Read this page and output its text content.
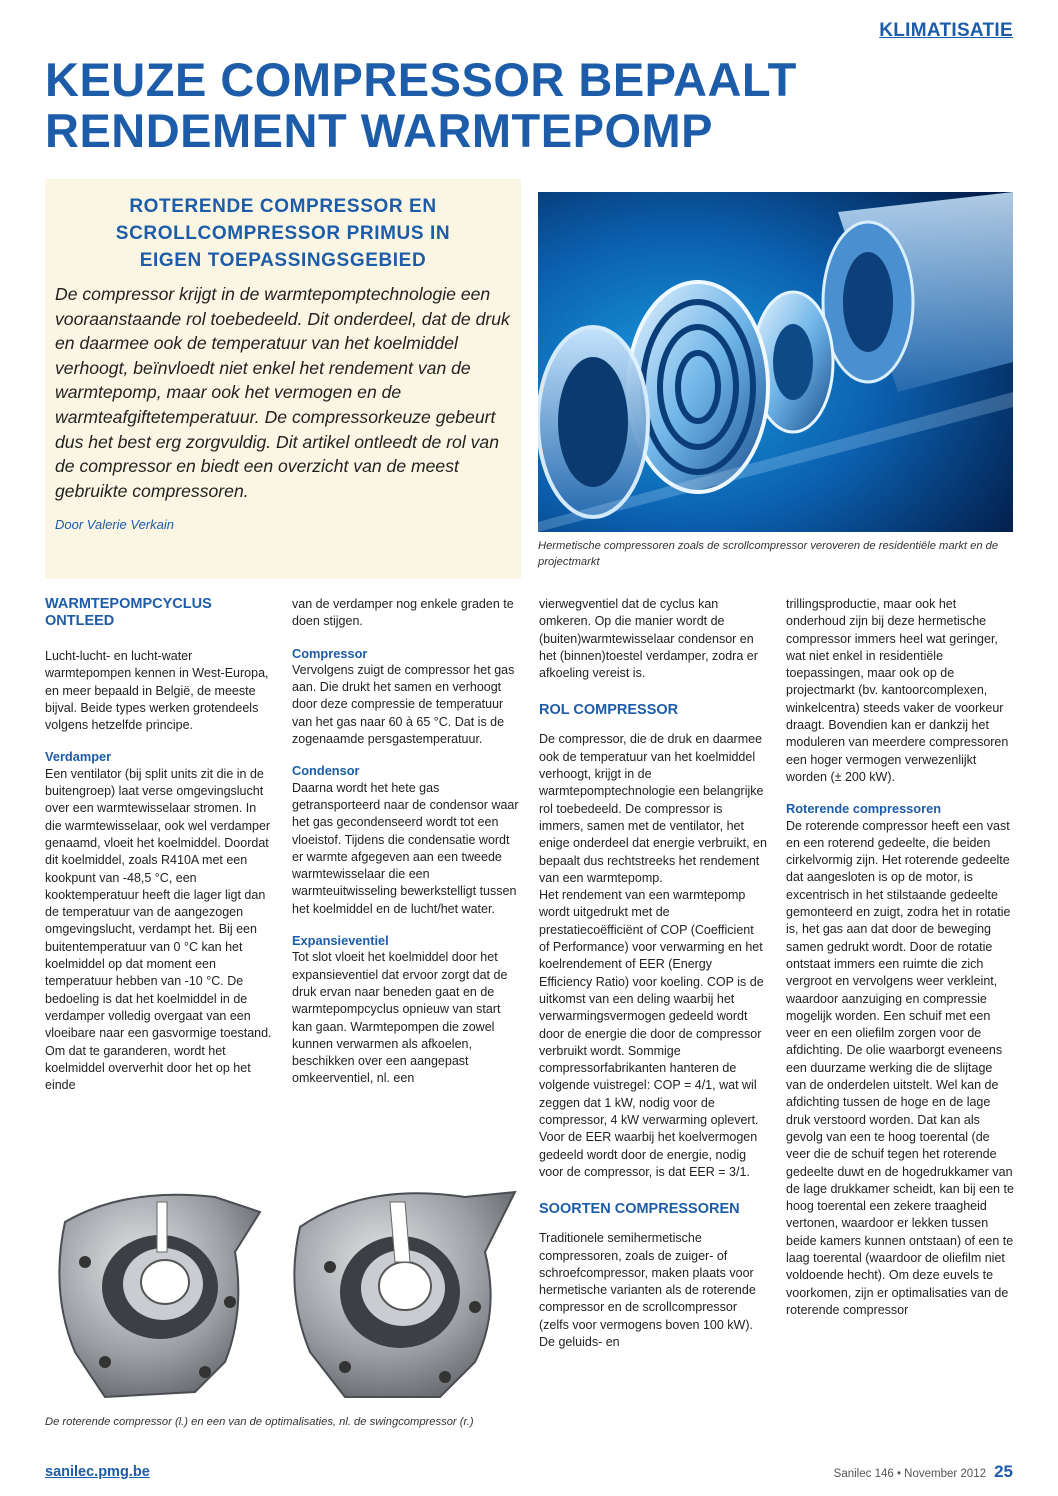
KLIMATISATIE
KEUZE COMPRESSOR BEPAALT RENDEMENT WARMTEPOMP
ROTERENDE COMPRESSOR EN SCROLLCOMPRESSOR PRIMUS IN EIGEN TOEPASSINGSGEBIED

De compressor krijgt in de warmtepomptechnologie een vooraanstaande rol toebedeeld. Dit onderdeel, dat de druk en daarmee ook de temperatuur van het koelmiddel verhoogt, beïnvloedt niet enkel het rendement van de warmtepomp, maar ook het vermogen en de warmteafgiftetemperatuur. De compressorkeuze gebeurt dus het best erg zorgvuldig. Dit artikel ontleedt de rol van de compressor en biedt een overzicht van de meest gebruikte compressoren.

Door Valerie Verkain
Hermetische compressoren zoals de scrollcompressor veroveren de residentiële markt en de projectmarkt

WARMTEPOMPCYCLUS ONTLEED

Lucht-lucht- en lucht-water warmtepompen kennen in West-Europa, en meer bepaald in België, de meeste bijval. Beide types werken grotendeels volgens hetzelfde principe.

Verdamper

Een ventilator (bij split units zit die in de buitengroep) laat verse omgevingslucht over een warmtewisselaar stromen. In die warmtewisselaar, ook wel verdamper genaamd, vloeit het koelmiddel. Doordat dit koelmiddel, zoals R410A met een kookpunt van -48,5 °C, een kooktemperatuur heeft die lager ligt dan de temperatuur van de aangezogen omgevingslucht, verdampt het. Bij een buitentemperatuur van 0 °C kan het koelmiddel op dat moment een temperatuur hebben van -10 °C. De bedoeling is dat het koelmiddel in de verdamper volledig overgaat van een vloeibare naar een gasvormige toestand. Om dat te garanderen, wordt het koelmiddel oververhit door het op het einde

van de verdamper nog enkele graden te doen stijgen.

Compressor

Vervolgens zuigt de compressor het gas aan. Die drukt het samen en verhoogt door deze compressie de temperatuur van het gas naar 60 à 65 °C. Dat is de zogenaamde persgastemperatuur.

Condensor

Daarna wordt het hete gas getransporteerd naar de condensor waar het gas gecondenseerd wordt tot een vloeistof. Tijdens die condensatie wordt er warmte afgegeven aan een tweede warmtewisselaar die een warmteuitwisseling bewerkstelligt tussen het koelmiddel en de lucht/het water.

Expansieventiel

Tot slot vloeit het koelmiddel door het expansieventiel dat ervoor zorgt dat de druk ervan naar beneden gaat en de warmtepompcyclus opnieuw van start kan gaan. Warmtepompen die zowel kunnen verwarmen als afkoelen, beschikken over een aangepast omkeerventiel, nl. een

vierwegventiel dat de cyclus kan omkeren. Op die manier wordt de (buiten)warmtewisselaar condensor en het (binnen)toestel verdamper, zodra er afkoeling vereist is.

ROL COMPRESSOR

De compressor, die de druk en daarmee ook de temperatuur van het koelmiddel verhoogt, krijgt in de warmtepomptechnologie een belangrijke rol toebedeeld. De compressor is immers, samen met de ventilator, het enige onderdeel dat energie verbruikt, en bepaalt dus rechtstreeks het rendement van een warmtepomp.

Het rendement van een warmtepomp wordt uitgedrukt met de prestatiecoëfficiënt of COP (Coefficient of Performance) voor verwarming en het koelrendement of EER (Energy Efficiency Ratio) voor koeling. COP is de uitkomst van een deling waarbij het verwarmingsvermogen gedeeld wordt door de energie die door de compressor verbruikt wordt. Sommige compressorfabrikanten hanteren de volgende vuistregel: COP = 4/1, wat wil zeggen dat 1 kW, nodig voor de compressor, 4 kW verwarming oplevert. Voor de EER waarbij het koelvermogen gedeeld wordt door de energie, nodig voor de compressor, is dat EER = 3/1.

SOORTEN COMPRESSOREN

Traditionele semihermetische compressoren, zoals de zuiger- of schroefcompressor, maken plaats voor hermetische varianten als de roterende compressor en de scrollcompressor (zelfs voor vermogens boven 100 kW). De geluids- en

trillingsproductie, maar ook het onderhoud zijn bij deze hermetische compressor immers heel wat geringer, wat niet enkel in residentiële toepassingen, maar ook op de projectmarkt (bv. kantoorcomplexen, winkelcentra) steeds vaker de voorkeur draagt. Bovendien kan er dankzij het moduleren van meerdere compressoren een hoger vermogen verwezenlijkt worden (± 200 kW).

Roterende compressoren

De roterende compressor heeft een vast en een roterend gedeelte, die beiden cirkelvormig zijn. Het roterende gedeelte dat aangesloten is op de motor, is excentrisch in het stilstaande gedeelte gemonteerd en zuigt, zodra het in rotatie is, het gas aan dat door de beweging samen gedrukt wordt. Door de rotatie ontstaat immers een ruimte die zich vergroot en vervolgens weer verkleint, waardoor aanzuiging en compressie mogelijk worden. Een schuif met een veer en een oliefilm zorgen voor de afdichting. De olie waarborgt eveneens een duurzame werking die de slijtage van de onderdelen uitstelt. Wel kan de afdichting tussen de hoge en de lage druk verstoord worden. Dat kan als gevolg van een te hoog toerental (de veer die de schuif tegen het roterende gedeelte duwt en de hogedrukkamer van de lage drukkamer scheidt, kan bij een te hoog toerental een zekere traagheid vertonen, waardoor er lekken tussen beide kamers kunnen ontstaan) of een te laag toerental (waardoor de oliefilm niet voldoende hecht). Om deze euvels te voorkomen, zijn er optimalisaties van de roterende compressor

De roterende compressor (l.) en een van de optimalisaties, nl. de swingcompressor (r.)
sanilec.pmg.be	Sanilec 146 • November 2012 25
